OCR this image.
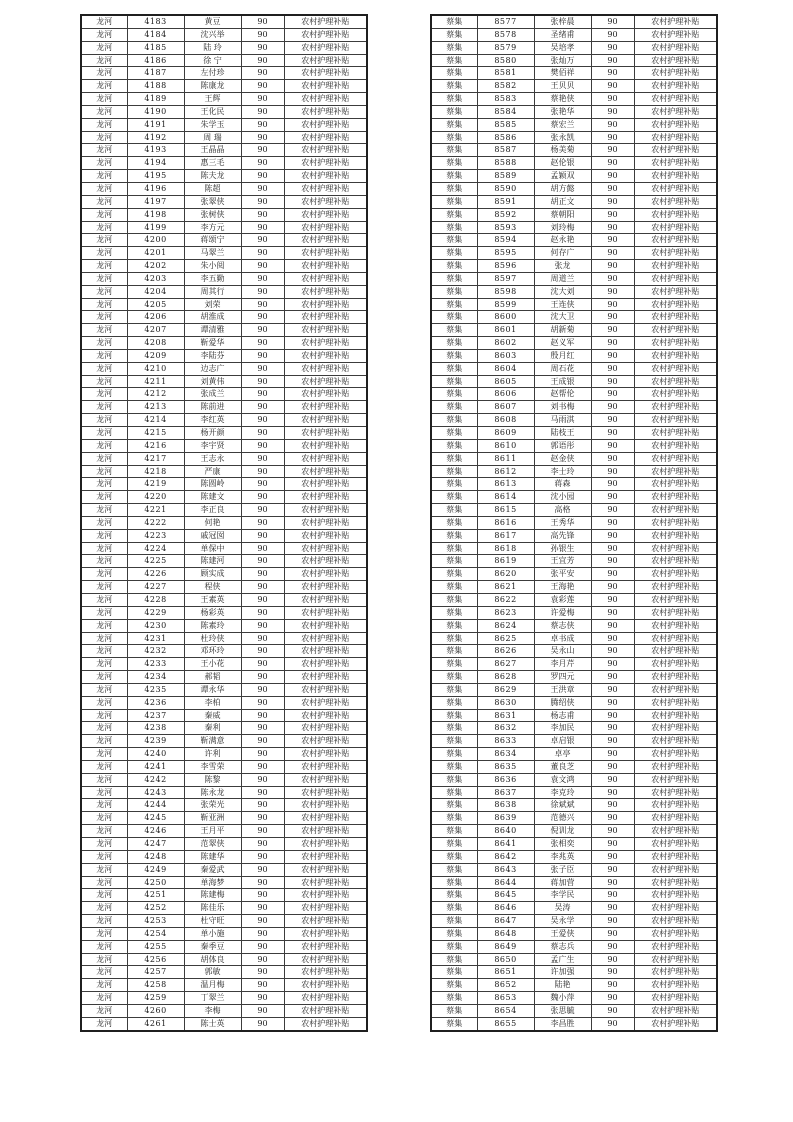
龙河	4183	黄豆	90	农村护理补贴
龙河	4184	沈兴举	90	农村护理补贴
龙河	4185	陆 玲	90	农村护理补贴
龙河	4186	徐 宁	90	农村护理补贴
龙河	4187	左付珍	90	农村护理补贴
龙河	4188	陈康龙	90	农村护理补贴
龙河	4189	王辉	90	农村护理补贴
龙河	4190	王化民	90	农村护理补贴
龙河	4191	朱学玉	90	农村护理补贴
龙河	4192	周 瑞	90	农村护理补贴
龙河	4193	王晶晶	90	农村护理补贴
龙河	4194	惠三毛	90	农村护理补贴
龙河	4195	陈夫龙	90	农村护理补贴
龙河	4196	陈超	90	农村护理补贴
龙河	4197	张翠侠	90	农村护理补贴
龙河	4198	张树侠	90	农村护理补贴
龙河	4199	李方元	90	农村护理补贴
龙河	4200	蒋颂宁	90	农村护理补贴
龙河	4201	马翠兰	90	农村护理补贴
龙河	4202	朱小阅	90	农村护理补贴
龙河	4203	李五勤	90	农村护理补贴
龙河	4204	周其行	90	农村护理补贴
龙河	4205	刘荣	90	农村护理补贴
龙河	4206	胡淮成	90	农村护理补贴
龙河	4207	谭清雅	90	农村护理补贴
龙河	4208	靳爱华	90	农村护理补贴
龙河	4209	李陆芬	90	农村护理补贴
龙河	4210	边志广	90	农村护理补贴
龙河	4211	刘黄伟	90	农村护理补贴
龙河	4212	张成兰	90	农村护理补贴
龙河	4213	陈前进	90	农村护理补贴
龙河	4214	李红英	90	农村护理补贴
龙河	4215	杨开颜	90	农村护理补贴
龙河	4216	李宇贤	90	农村护理补贴
龙河	4217	王志永	90	农村护理补贴
龙河	4218	严康	90	农村护理补贴
龙河	4219	陈圆岭	90	农村护理补贴
龙河	4220	陈建文	90	农村护理补贴
龙河	4221	李正良	90	农村护理补贴
龙河	4222	何艳	90	农村护理补贴
龙河	4223	戚冠囡	90	农村护理补贴
龙河	4224	单保中	90	农村护理补贴
龙河	4225	陈建河	90	农村护理补贴
龙河	4226	顾实成	90	农村护理补贴
龙河	4227	程侠	90	农村护理补贴
龙河	4228	王素英	90	农村护理补贴
龙河	4229	杨彩英	90	农村护理补贴
龙河	4230	陈素玲	90	农村护理补贴
龙河	4231	杜玲侠	90	农村护理补贴
龙河	4232	邓环玲	90	农村护理补贴
龙河	4233	王小花	90	农村护理补贴
龙河	4234	郝韬	90	农村护理补贴
龙河	4235	谭永华	90	农村护理补贴
龙河	4236	李柏	90	农村护理补贴
龙河	4237	秦威	90	农村护理补贴
龙河	4238	秦利	90	农村护理补贴
龙河	4239	靳满意	90	农村护理补贴
龙河	4240	许利	90	农村护理补贴
龙河	4241	李雪荣	90	农村护理补贴
龙河	4242	陈黎	90	农村护理补贴
龙河	4243	陈永龙	90	农村护理补贴
龙河	4244	张荣光	90	农村护理补贴
龙河	4245	靳亚洲	90	农村护理补贴
龙河	4246	王月平	90	农村护理补贴
龙河	4247	范翠侠	90	农村护理补贴
龙河	4248	陈建华	90	农村护理补贴
龙河	4249	秦爱武	90	农村护理补贴
龙河	4250	单海梦	90	农村护理补贴
龙河	4251	陈建梅	90	农村护理补贴
龙河	4252	陈佳乐	90	农村护理补贴
龙河	4253	杜守旺	90	农村护理补贴
龙河	4254	单小施	90	农村护理补贴
龙河	4255	秦季豆	90	农村护理补贴
龙河	4256	胡体良	90	农村护理补贴
龙河	4257	郭敏	90	农村护理补贴
龙河	4258	温月梅	90	农村护理补贴
龙河	4259	丁翠兰	90	农村护理补贴
龙河	4260	李梅	90	农村护理补贴
龙河	4261	陈士英	90	农村护理补贴
蔡集	8577	张梓晨	90	农村护理补贴
蔡集	8578	圣绪甫	90	农村护理补贴
蔡集	8579	吴培孝	90	农村护理补贴
蔡集	8580	张灿万	90	农村护理补贴
蔡集	8581	樊佰祥	90	农村护理补贴
蔡集	8582	王贝贝	90	农村护理补贴
蔡集	8583	蔡艳侠	90	农村护理补贴
蔡集	8584	张艳华	90	农村护理补贴
蔡集	8585	蔡宏兰	90	农村护理补贴
蔡集	8586	张永凯	90	农村护理补贴
蔡集	8587	杨美菊	90	农村护理补贴
蔡集	8588	赵伦银	90	农村护理补贴
蔡集	8589	孟颖双	90	农村护理补贴
蔡集	8590	胡方懿	90	农村护理补贴
蔡集	8591	胡正文	90	农村护理补贴
蔡集	8592	蔡朝阳	90	农村护理补贴
蔡集	8593	刘玲梅	90	农村护理补贴
蔡集	8594	赵永艳	90	农村护理补贴
蔡集	8595	何存广	90	农村护理补贴
蔡集	8596	张龙	90	农村护理补贴
蔡集	8597	周道兰	90	农村护理补贴
蔡集	8598	沈大刘	90	农村护理补贴
蔡集	8599	王连侠	90	农村护理补贴
蔡集	8600	沈大卫	90	农村护理补贴
蔡集	8601	胡新菊	90	农村护理补贴
蔡集	8602	赵义军	90	农村护理补贴
蔡集	8603	殷月红	90	农村护理补贴
蔡集	8604	周石花	90	农村护理补贴
蔡集	8605	王成银	90	农村护理补贴
蔡集	8606	赵帮伦	90	农村护理补贴
蔡集	8607	刘书梅	90	农村护理补贴
蔡集	8608	马雨淇	90	农村护理补贴
蔡集	8609	陆枝王	90	农村护理补贴
蔡集	8610	郭语彤	90	农村护理补贴
蔡集	8611	赵金侠	90	农村护理补贴
蔡集	8612	李士玲	90	农村护理补贴
蔡集	8613	蒋森	90	农村护理补贴
蔡集	8614	沈小园	90	农村护理补贴
蔡集	8615	高格	90	农村护理补贴
蔡集	8616	王秀华	90	农村护理补贴
蔡集	8617	高先锋	90	农村护理补贴
蔡集	8618	孙银生	90	农村护理补贴
蔡集	8619	王宜芳	90	农村护理补贴
蔡集	8620	张平安	90	农村护理补贴
蔡集	8621	王海艳	90	农村护理补贴
蔡集	8622	袁彩莲	90	农村护理补贴
蔡集	8623	许爱梅	90	农村护理补贴
蔡集	8624	蔡志侠	90	农村护理补贴
蔡集	8625	卓书成	90	农村护理补贴
蔡集	8626	吴永山	90	农村护理补贴
蔡集	8627	李月芹	90	农村护理补贴
蔡集	8628	罗四元	90	农村护理补贴
蔡集	8629	王洪章	90	农村护理补贴
蔡集	8630	腾绍侠	90	农村护理补贴
蔡集	8631	杨志甫	90	农村护理补贴
蔡集	8632	李加民	90	农村护理补贴
蔡集	8633	卓启银	90	农村护理补贴
蔡集	8634	卓亭	90	农村护理补贴
蔡集	8635	董良芝	90	农村护理补贴
蔡集	8636	袁文鸿	90	农村护理补贴
蔡集	8637	李克玲	90	农村护理补贴
蔡集	8638	徐斌斌	90	农村护理补贴
蔡集	8639	范德兴	90	农村护理补贴
蔡集	8640	倪训龙	90	农村护理补贴
蔡集	8641	张相奕	90	农村护理补贴
蔡集	8642	李兆英	90	农村护理补贴
蔡集	8643	张子臣	90	农村护理补贴
蔡集	8644	蒋加营	90	农村护理补贴
蔡集	8645	李学民	90	农村护理补贴
蔡集	8646	吴涛	90	农村护理补贴
蔡集	8647	吴永学	90	农村护理补贴
蔡集	8648	王爱侠	90	农村护理补贴
蔡集	8649	蔡志兵	90	农村护理补贴
蔡集	8650	孟广生	90	农村护理补贴
蔡集	8651	许加强	90	农村护理补贴
蔡集	8652	陆艳	90	农村护理补贴
蔡集	8653	魏小萍	90	农村护理补贴
蔡集	8654	张思毓	90	农村护理补贴
蔡集	8655	李昌胜	90	农村护理补贴
